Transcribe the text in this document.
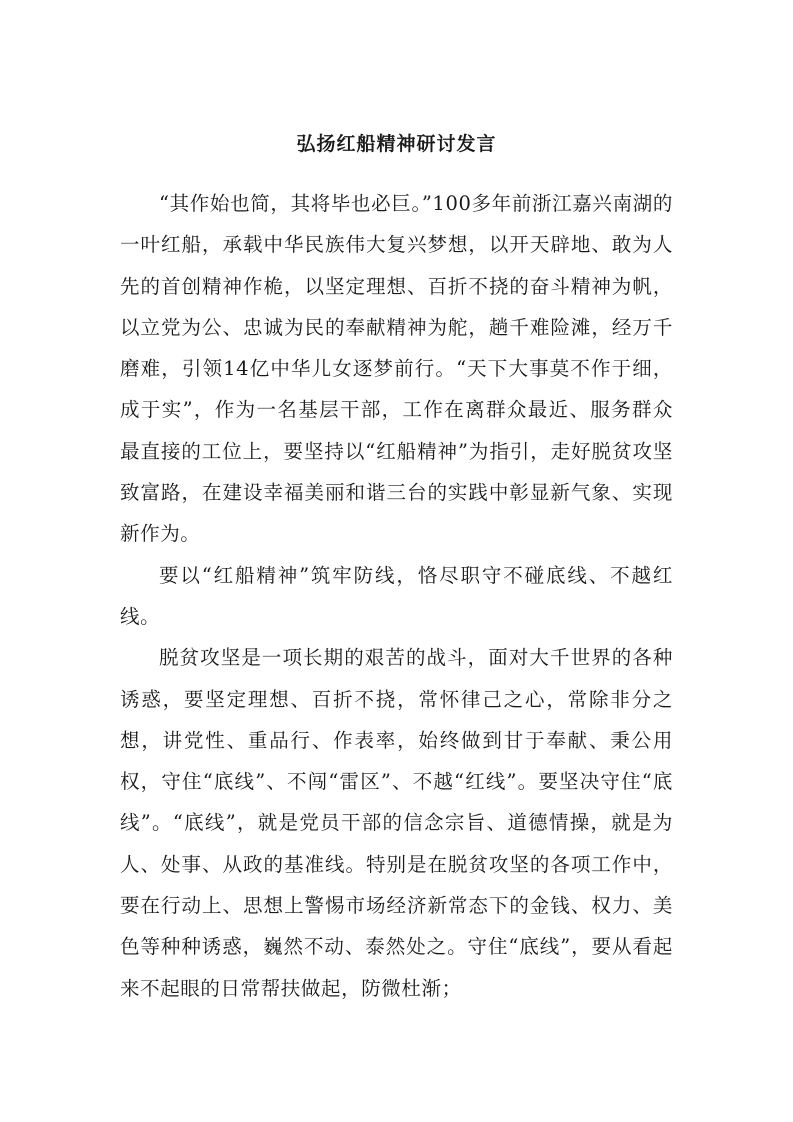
弘扬红船精神研讨发言

“其作始也简，其将毕也必巨。”100多年前浙江嘉兴南湖的一叶红船，承载中华民族伟大复兴梦想，以开天辟地、敢为人先的首创精神作桅，以坚定理想、百折不挠的奋斗精神为帆，以立党为公、忠诚为民的奉献精神为舵，趟千难险滩，经万千磨难，引领14亿中华儿女逐梦前行。“天下大事莫不作于细，成于实”，作为一名基层干部，工作在离群众最近、服务群众最直接的工位上，要坚持以“红船精神”为指引，走好脱贫攻坚致富路，在建设幸福美丽和谐三台的实践中彰显新气象、实现新作为。

要以“红船精神”筑牢防线，恪尽职守不碰底线、不越红线。

脱贫攻坚是一项长期的艰苦的战斗，面对大千世界的各种诱惑，要坚定理想、百折不挠，常怀律己之心，常除非分之想，讲党性、重品行、作表率，始终做到甘于奉献、秉公用权，守住“底线”、不闯“雷区”、不越“红线”。要坚决守住“底线”。“底线”，就是党员干部的信念宗旨、道德情操，就是为人、处事、从政的基准线。特别是在脱贫攻坚的各项工作中，要在行动上、思想上警惕市场经济新常态下的金钱、权力、美色等种种诱惑，巍然不动、泰然处之。守住“底线”，要从看起来不起眼的日常帮扶做起，防微杜渐；
